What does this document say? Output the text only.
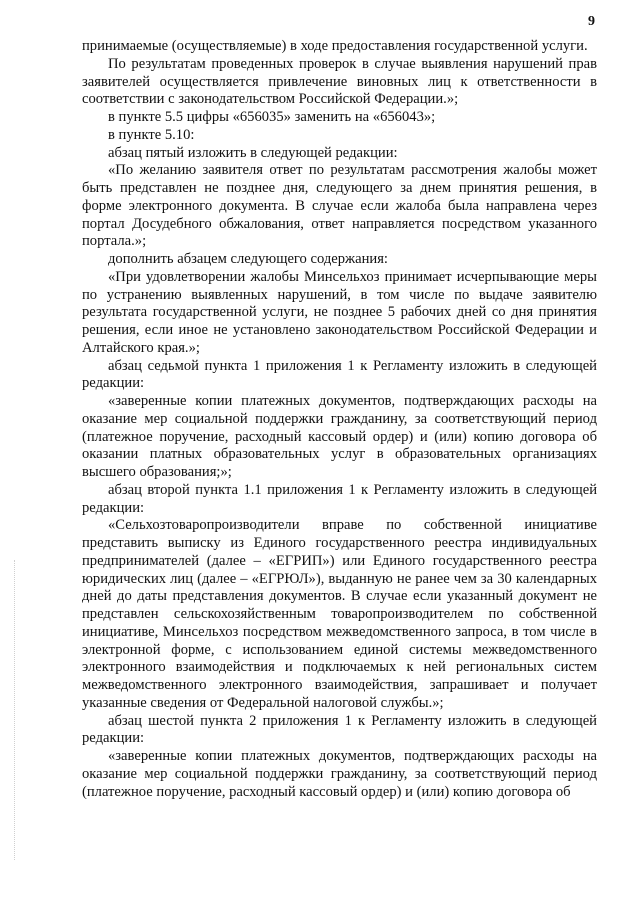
9

принимаемые (осуществляемые) в ходе предоставления государственной услуги.

По результатам проведенных проверок в случае выявления нарушений прав заявителей осуществляется привлечение виновных лиц к ответственности в соответствии с законодательством Российской Федерации.»;

в пункте 5.5 цифры «656035» заменить на «656043»;

в пункте 5.10:

абзац пятый изложить в следующей редакции:

«По желанию заявителя ответ по результатам рассмотрения жалобы может быть представлен не позднее дня, следующего за днем принятия решения, в форме электронного документа. В случае если жалоба была направлена через портал Досудебного обжалования, ответ направляется посредством указанного портала.»;

дополнить абзацем следующего содержания:

«При удовлетворении жалобы Минсельхоз принимает исчерпывающие меры по устранению выявленных нарушений, в том числе по выдаче заявителю результата государственной услуги, не позднее 5 рабочих дней со дня принятия решения, если иное не установлено законодательством Российской Федерации и Алтайского края.»;

абзац седьмой пункта 1 приложения 1 к Регламенту изложить в следующей редакции:

«заверенные копии платежных документов, подтверждающих расходы на оказание мер социальной поддержки гражданину, за соответствующий период (платежное поручение, расходный кассовый ордер) и (или) копию договора об оказании платных образовательных услуг в образовательных организациях высшего образования;»;

абзац второй пункта 1.1 приложения 1 к Регламенту изложить в следующей редакции:

«Сельхозтоваропроизводители вправе по собственной инициативе представить выписку из Единого государственного реестра индивидуальных предпринимателей (далее – «ЕГРИП») или Единого государственного реестра юридических лиц (далее – «ЕГРЮЛ»), выданную не ранее чем за 30 календарных дней до даты представления документов. В случае если указанный документ не представлен сельскохозяйственным товаропроизводителем по собственной инициативе, Минсельхоз посредством межведомственного запроса, в том числе в электронной форме, с использованием единой системы межведомственного электронного взаимодействия и подключаемых к ней региональных систем межведомственного электронного взаимодействия, запрашивает и получает указанные сведения от Федеральной налоговой службы.»;

абзац шестой пункта 2 приложения 1 к Регламенту изложить в следующей редакции:

«заверенные копии платежных документов, подтверждающих расходы на оказание мер социальной поддержки гражданину, за соответствующий период (платежное поручение, расходный кассовый ордер) и (или) копию договора об
